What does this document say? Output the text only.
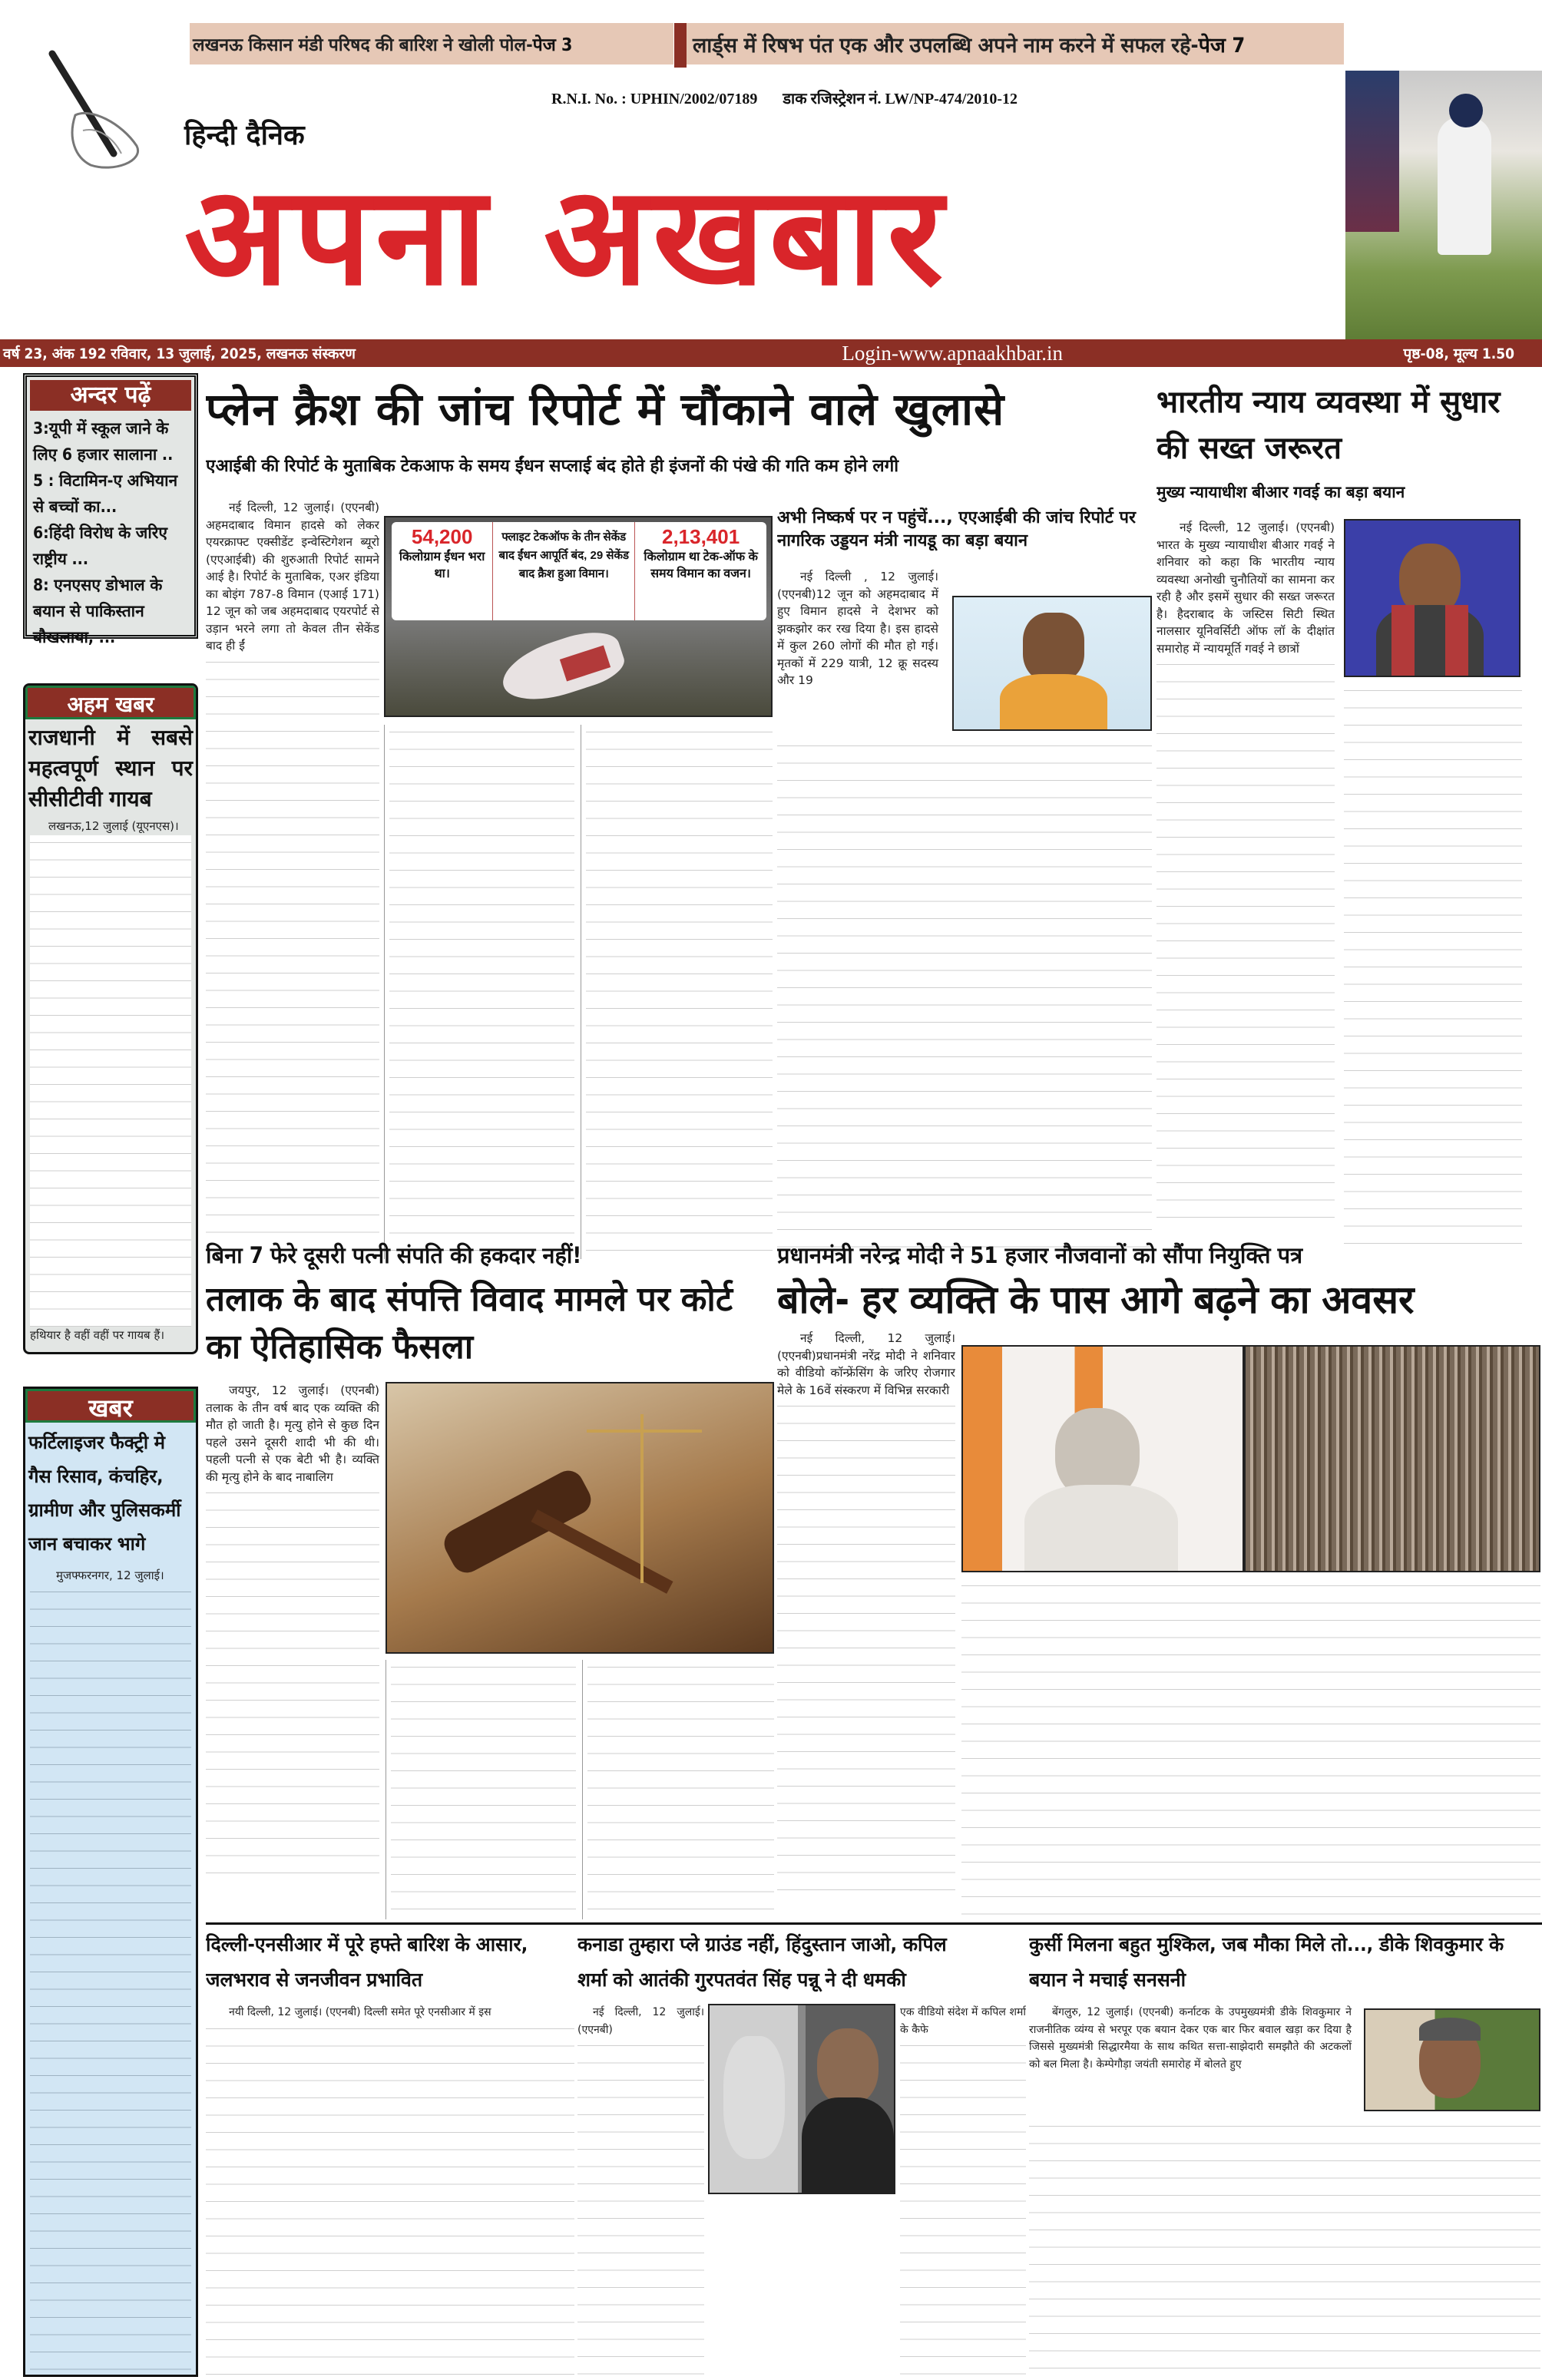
लखनऊ किसान मंडी परिषद की बारिश ने खोली पोल- पेज 3	लार्ड्स में रिषभ पंत एक और उपलब्धि अपने नाम करने में सफल रहे- पेज 7
R.N.I. No. : UPHIN/2002/07189 डाक रजिस्ट्रेशन नं. LW/NP-474/2010-12
हिन्दी दैनिक
अपना अखबार
वर्ष 23, अंक 192 रविवार, 13 जुलाई, 2025, लखनऊ संस्करण	Login-www.apnaakhbar.in	पृष्ठ-08, मूल्य 1.50
अन्दर पढ़ें
3:यूपी में स्कूल जाने के लिए 6 हजार सालाना ..
5 : विटामिन-ए अभियान से बच्चों का...
6:हिंदी विरोध के जरिए राष्ट्रीय ...
8: एनएसए डोभाल के बयान से पाकिस्तान बौखलाया, ...
अहम खबर
राजधानी में सबसे महत्वपूर्ण स्थान पर सीसीटीवी गायब
लखनऊ,12 जुलाई (यूएनएस)।
हथियार है वहीं वहीं पर गायब हैं।
खबर
फर्टिलाइजर फैक्ट्री मे गैस रिसाव, कंचहिर, ग्रामीण और पुलिसकर्मी जान बचाकर भागे
मुजफ्फरनगर, 12 जुलाई।
प्लेन क्रैश की जांच रिपोर्ट में चौंकाने वाले खुलासे
एआईबी की रिपोर्ट के मुताबिक टेकआफ के समय ईंधन सप्लाई बंद होते ही इंजनों की पंखे की गति कम होने लगी
नई दिल्ली, 12 जुलाई। (एएनबी) अहमदाबाद विमान हादसे को लेकर एयरक्राफ्ट एक्सीडेंट इन्वेस्टिगेशन ब्यूरो (एएआईबी) की शुरुआती रिपोर्ट सामने आई है। रिपोर्ट के मुताबिक, एअर इंडिया का बोइंग 787-8 विमान (एआई 171) 12 जून को जब अहमदाबाद एयरपोर्ट से उड़ान भरने लगा तो केवल तीन सेकेंड बाद ही ईं
54,200
किलोग्राम ईंधन भरा था।
फ्लाइट टेकऑफ के तीन सेकेंड बाद ईंधन आपूर्ति बंद, 29 सेकेंड बाद क्रैश हुआ विमान।
2,13,401
किलोग्राम था टेक-ऑफ के समय विमान का वजन।
अभी निष्कर्ष पर न पहुंचें..., एएआईबी की जांच रिपोर्ट पर नागरिक उड्डयन मंत्री नायडू का बड़ा बयान
नई दिल्ली , 12 जुलाई। (एएनबी)12 जून को अहमदाबाद में हुए विमान हादसे ने देशभर को झकझोर कर रख दिया है। इस हादसे में कुल 260 लोगों की मौत हो गई। मृतकों में 229 यात्री, 12 क्रू सदस्य और 19
भारतीय न्याय व्यवस्था में सुधार की सख्त जरूरत
मुख्य न्यायाधीश बीआर गवई का बड़ा बयान
नई दिल्ली, 12 जुलाई। (एएनबी) भारत के मुख्य न्यायाधीश बीआर गवई ने शनिवार को कहा कि भारतीय न्याय व्यवस्था अनोखी चुनौतियों का सामना कर रही है और इसमें सुधार की सख्त जरूरत है। हैदराबाद के जस्टिस सिटी स्थित नालसार यूनिवर्सिटी ऑफ लॉ के दीक्षांत समारोह में न्यायमूर्ति गवई ने छात्रों
बिना 7 फेरे दूसरी पत्नी संपति की हकदार नहीं!
तलाक के बाद संपत्ति विवाद मामले पर कोर्ट का ऐतिहासिक फैसला
जयपुर, 12 जुलाई। (एएनबी) तलाक के तीन वर्ष बाद एक व्यक्ति की मौत हो जाती है। मृत्यु होने से कुछ दिन पहले उसने दूसरी शादी भी की थी। पहली पत्नी से एक बेटी भी है। व्यक्ति की मृत्यु होने के बाद नाबालिग
प्रधानमंत्री नरेन्द्र मोदी ने 51 हजार नौजवानों को सौंपा नियुक्ति पत्र
बोले- हर व्यक्ति के पास आगे बढ़ने का अवसर
नई दिल्ली, 12 जुलाई। (एएनबी)प्रधानमंत्री नरेंद्र मोदी ने शनिवार को वीडियो कॉन्फ्रेंसिंग के जरिए रोजगार मेले के 16वें संस्करण में विभिन्न सरकारी
दिल्ली-एनसीआर में पूरे हफ्ते बारिश के आसार, जलभराव से जनजीवन प्रभावित
नयी दिल्ली, 12 जुलाई। (एएनबी) दिल्ली समेत पूरे एनसीआर में इस
कनाडा तुम्हारा प्ले ग्राउंड नहीं, हिंदुस्तान जाओ, कपिल शर्मा को आतंकी गुरपतवंत सिंह पन्नू ने दी धमकी
नई दिल्ली, 12 जुलाई। (एएनबी)
एक वीडियो संदेश में कपिल शर्मा के कैफे
कुर्सी मिलना बहुत मुश्किल, जब मौका मिले तो..., डीके शिवकुमार के बयान ने मचाई सनसनी
बेंगलुरु, 12 जुलाई। (एएनबी) कर्नाटक के उपमुख्यमंत्री डीके शिवकुमार ने राजनीतिक व्यंग्य से भरपूर एक बयान देकर एक बार फिर बवाल खड़ा कर दिया है जिससे मुख्यमंत्री सिद्धारमैया के साथ कथित सत्ता-साझेदारी समझौते की अटकलों को बल मिला है। केम्पेगौड़ा जयंती समारोह में बोलते हुए
